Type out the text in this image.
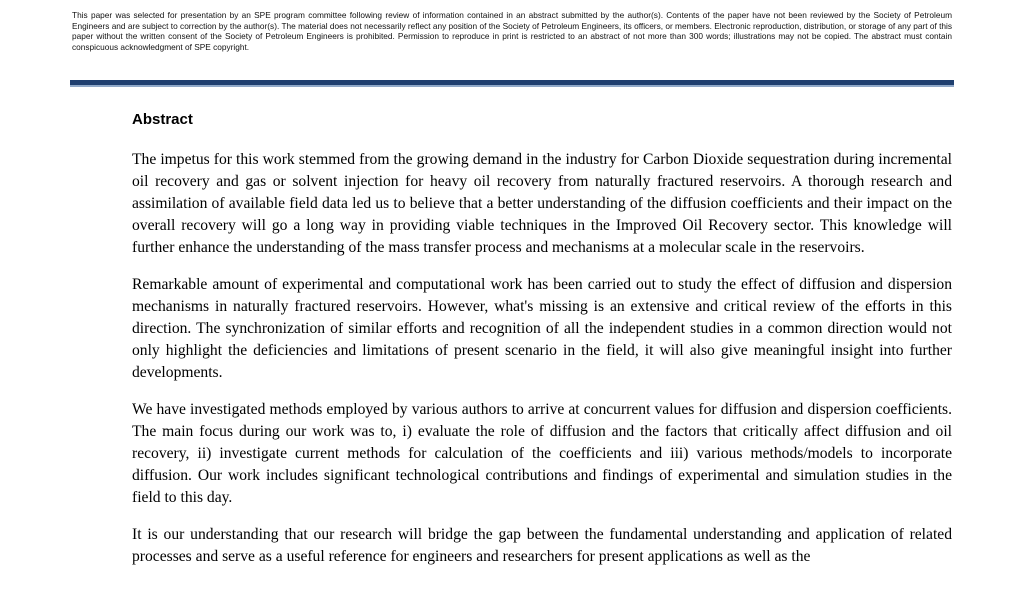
This paper was selected for presentation by an SPE program committee following review of information contained in an abstract submitted by the author(s). Contents of the paper have not been reviewed by the Society of Petroleum Engineers and are subject to correction by the author(s). The material does not necessarily reflect any position of the Society of Petroleum Engineers, its officers, or members. Electronic reproduction, distribution, or storage of any part of this paper without the written consent of the Society of Petroleum Engineers is prohibited. Permission to reproduce in print is restricted to an abstract of not more than 300 words; illustrations may not be copied. The abstract must contain conspicuous acknowledgment of SPE copyright.
Abstract

The impetus for this work stemmed from the growing demand in the industry for Carbon Dioxide sequestration during incremental oil recovery and gas or solvent injection for heavy oil recovery from naturally fractured reservoirs. A thorough research and assimilation of available field data led us to believe that a better understanding of the diffusion coefficients and their impact on the overall recovery will go a long way in providing viable techniques in the Improved Oil Recovery sector. This knowledge will further enhance the understanding of the mass transfer process and mechanisms at a molecular scale in the reservoirs.

Remarkable amount of experimental and computational work has been carried out to study the effect of diffusion and dispersion mechanisms in naturally fractured reservoirs. However, what's missing is an extensive and critical review of the efforts in this direction. The synchronization of similar efforts and recognition of all the independent studies in a common direction would not only highlight the deficiencies and limitations of present scenario in the field, it will also give meaningful insight into further developments.

We have investigated methods employed by various authors to arrive at concurrent values for diffusion and dispersion coefficients. The main focus during our work was to, i) evaluate the role of diffusion and the factors that critically affect diffusion and oil recovery, ii) investigate current methods for calculation of the coefficients and iii) various methods/models to incorporate diffusion. Our work includes significant technological contributions and findings of experimental and simulation studies in the field to this day.

It is our understanding that our research will bridge the gap between the fundamental understanding and application of related processes and serve as a useful reference for engineers and researchers for present applications as well as the
